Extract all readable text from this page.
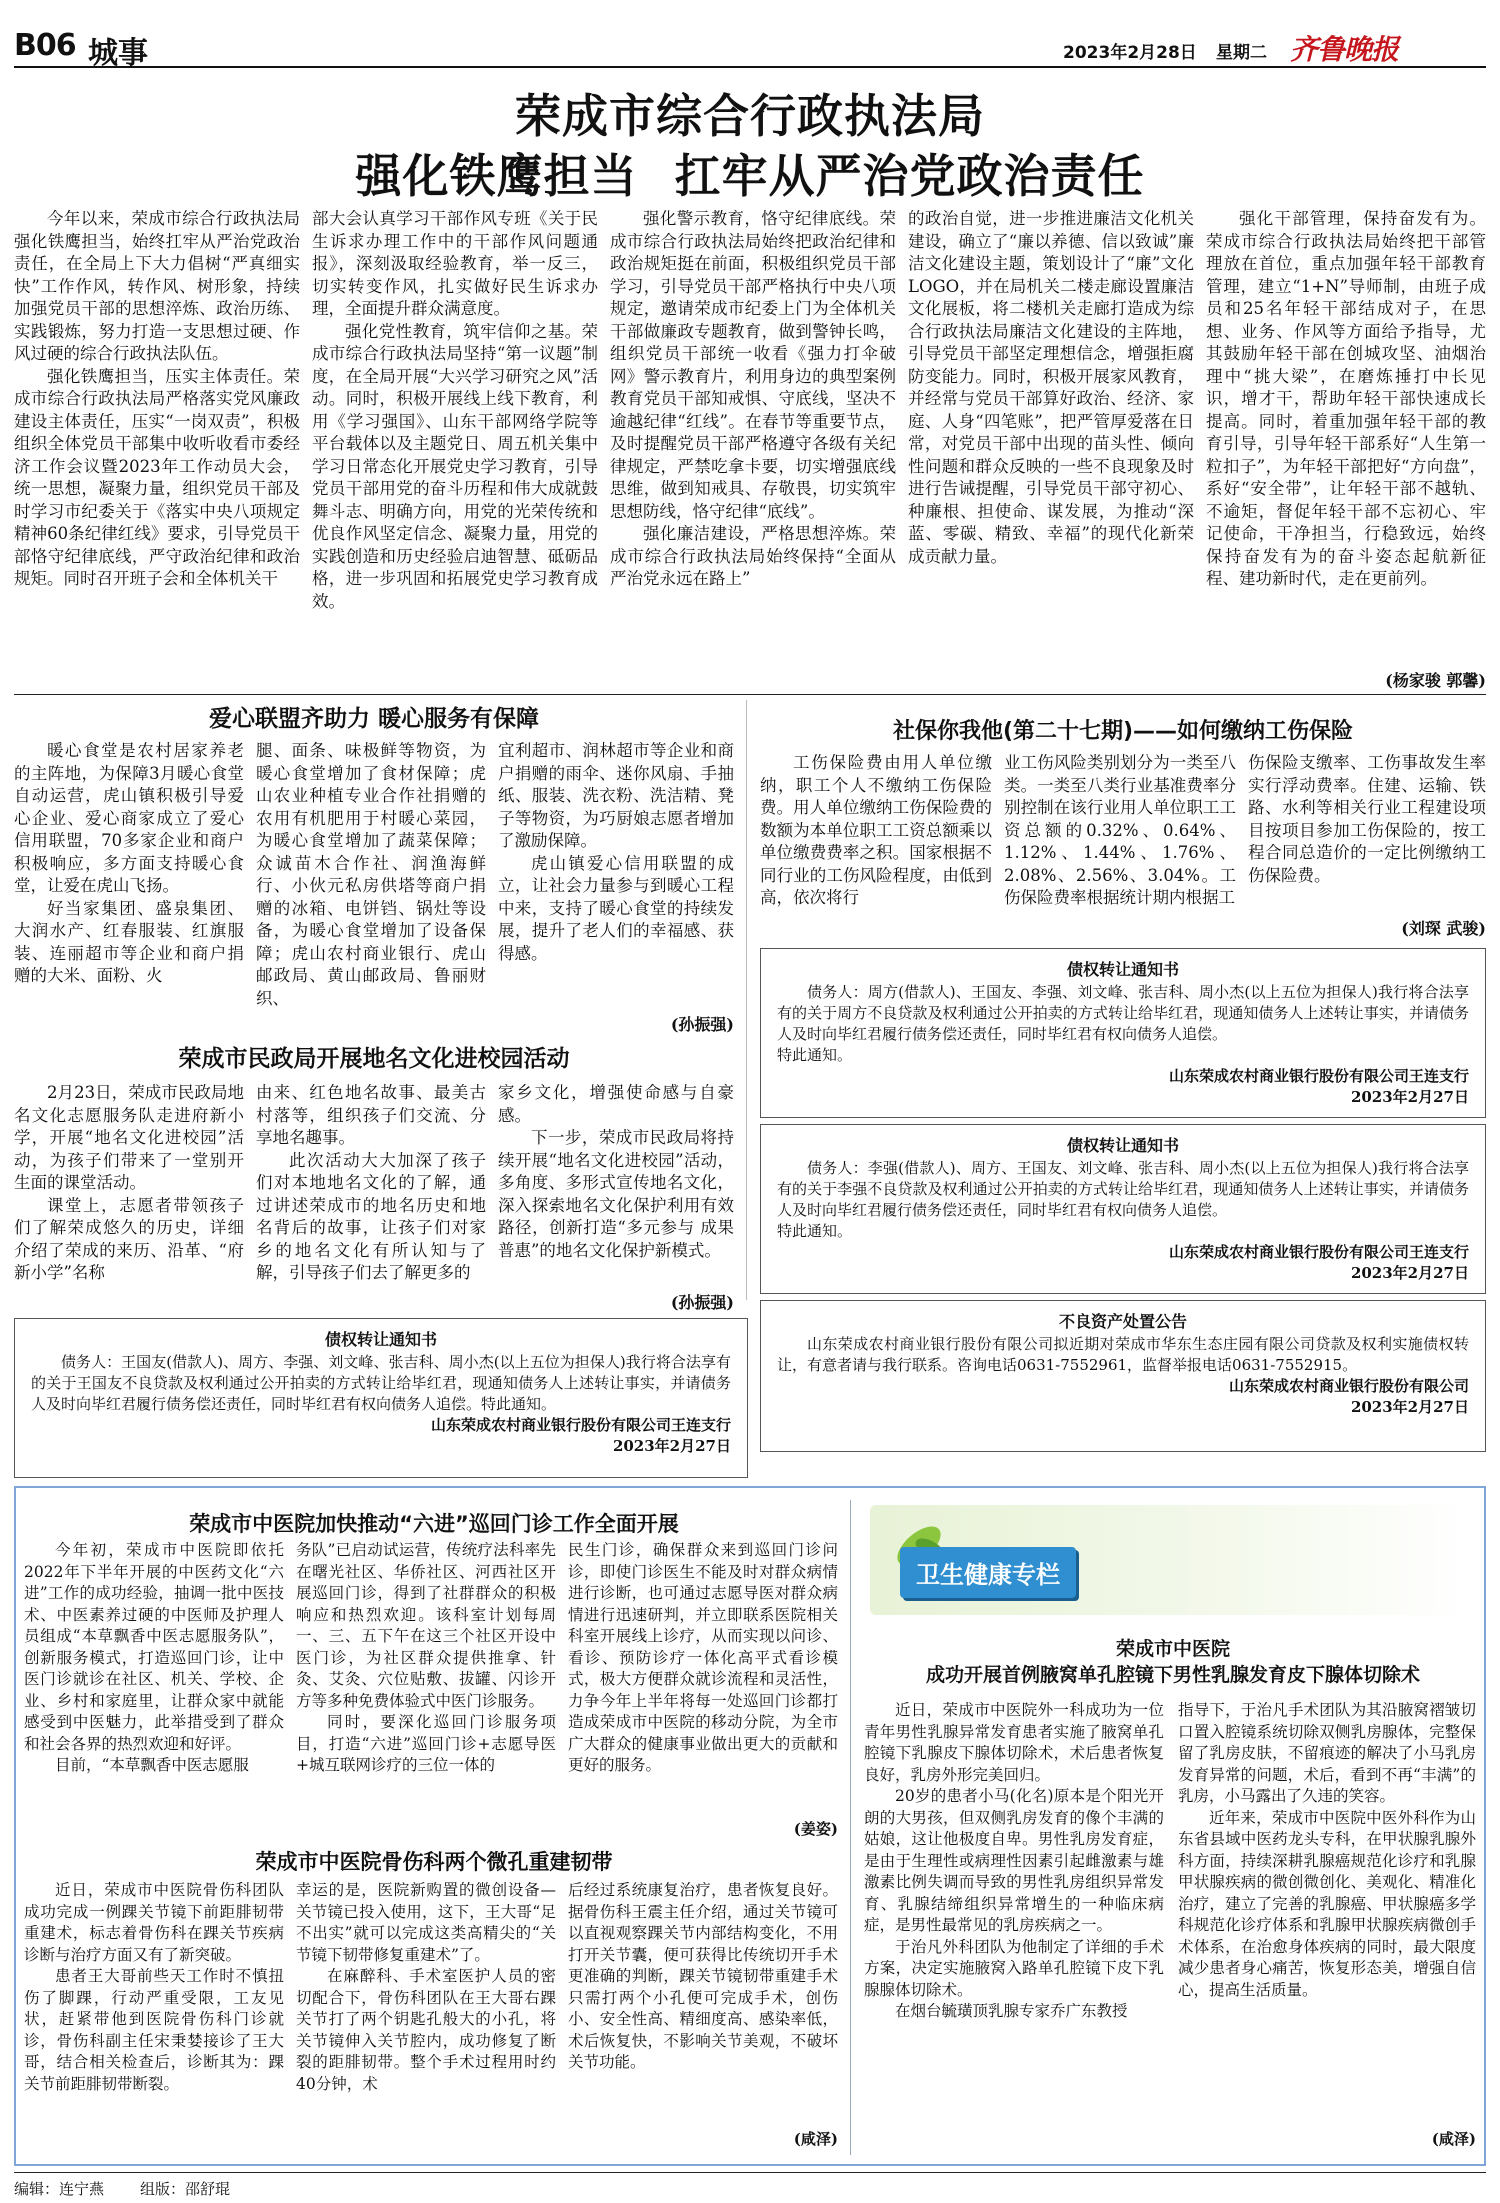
B06 城事	2023年2月28日 星期二 齐鲁晚报
荣成市综合行政执法局
强化铁鹰担当 扛牢从严治党政治责任

今年以来，荣成市综合行政执法局强化铁鹰担当，始终扛牢从严治党政治责任，在全局上下大力倡树“严真细实快”工作作风，转作风、树形象，持续加强党员干部的思想淬炼、政治历练、实践锻炼，努力打造一支思想过硬、作风过硬的综合行政执法队伍。

强化铁鹰担当，压实主体责任。荣成市综合行政执法局严格落实党风廉政建设主体责任，压实“一岗双责”，积极组织全体党员干部集中收听收看市委经济工作会议暨2023年工作动员大会，统一思想，凝聚力量，组织党员干部及时学习市纪委关于《落实中央八项规定精神60条纪律红线》要求，引导党员干部恪守纪律底线，严守政治纪律和政治规矩。同时召开班子会和全体机关干

部大会认真学习干部作风专班《关于民生诉求办理工作中的干部作风问题通报》，深刻汲取经验教育，举一反三，切实转变作风，扎实做好民生诉求办理，全面提升群众满意度。

强化党性教育，筑牢信仰之基。荣成市综合行政执法局坚持“第一议题”制度，在全局开展“大兴学习研究之风”活动。同时，积极开展线上线下教育，利用《学习强国》、山东干部网络学院等平台载体以及主题党日、周五机关集中学习日常态化开展党史学习教育，引导党员干部用党的奋斗历程和伟大成就鼓舞斗志、明确方向，用党的光荣传统和优良作风坚定信念、凝聚力量，用党的实践创造和历史经验启迪智慧、砥砺品格，进一步巩固和拓展党史学习教育成效。

强化警示教育，恪守纪律底线。荣成市综合行政执法局始终把政治纪律和政治规矩挺在前面，积极组织党员干部学习，引导党员干部严格执行中央八项规定，邀请荣成市纪委上门为全体机关干部做廉政专题教育，做到警钟长鸣，组织党员干部统一收看《强力打伞破网》警示教育片，利用身边的典型案例教育党员干部知戒惧、守底线，坚决不逾越纪律“红线”。在春节等重要节点，及时提醒党员干部严格遵守各级有关纪律规定，严禁吃拿卡要，切实增强底线思维，做到知戒具、存敬畏，切实筑牢思想防线，恪守纪律“底线”。

强化廉洁建设，严格思想淬炼。荣成市综合行政执法局始终保持“全面从严治党永远在路上”

的政治自觉，进一步推进廉洁文化机关建设，确立了“廉以养德、信以致诚”廉洁文化建设主题，策划设计了“廉”文化LOGO，并在局机关二楼走廊设置廉洁文化展板，将二楼机关走廊打造成为综合行政执法局廉洁文化建设的主阵地，引导党员干部坚定理想信念，增强拒腐防变能力。同时，积极开展家风教育，并经常与党员干部算好政治、经济、家庭、人身“四笔账”，把严管厚爱落在日常，对党员干部中出现的苗头性、倾向性问题和群众反映的一些不良现象及时进行告诫提醒，引导党员干部守初心、种廉根、担使命、谋发展，为推动“深蓝、零碳、精致、幸福”的现代化新荣成贡献力量。

强化干部管理，保持奋发有为。荣成市综合行政执法局始终把干部管理放在首位，重点加强年轻干部教育管理，建立“1+N”导师制，由班子成员和25名年轻干部结成对子，在思想、业务、作风等方面给予指导，尤其鼓励年轻干部在创城攻坚、油烟治理中“挑大梁”，在磨炼捶打中长见识，增才干，帮助年轻干部快速成长提高。同时，着重加强年轻干部的教育引导，引导年轻干部系好“人生第一粒扣子”，为年轻干部把好“方向盘”，系好“安全带”，让年轻干部不越轨、不逾矩，督促年轻干部不忘初心、牢记使命，干净担当，行稳致远，始终保持奋发有为的奋斗姿态起航新征程、建功新时代，走在更前列。

(杨家骏 郭馨)
爱心联盟齐助力 暖心服务有保障

暖心食堂是农村居家养老的主阵地，为保障3月暖心食堂自动运营，虎山镇积极引导爱心企业、爱心商家成立了爱心信用联盟，70多家企业和商户积极响应，多方面支持暖心食堂，让爱在虎山飞扬。

好当家集团、盛泉集团、大润水产、红春服装、红旗服装、连丽超市等企业和商户捐赠的大米、面粉、火

腿、面条、味极鲜等物资，为暖心食堂增加了食材保障；虎山农业种植专业合作社捐赠的农用有机肥用于村暖心菜园，为暖心食堂增加了蔬菜保障；众诚苗木合作社、润渔海鲜行、小伙元私房供塔等商户捐赠的冰箱、电饼铛、锅灶等设备，为暖心食堂增加了设备保障；虎山农村商业银行、虎山邮政局、黄山邮政局、鲁丽财织、

宜利超市、润林超市等企业和商户捐赠的雨伞、迷你风扇、手抽纸、服装、洗衣粉、洗洁精、凳子等物资，为巧厨娘志愿者增加了激励保障。

虎山镇爱心信用联盟的成立，让社会力量参与到暖心工程中来，支持了暖心食堂的持续发展，提升了老人们的幸福感、获得感。

(孙振强)
荣成市民政局开展地名文化进校园活动

2月23日，荣成市民政局地名文化志愿服务队走进府新小学，开展“地名文化进校园”活动，为孩子们带来了一堂别开生面的课堂活动。

课堂上，志愿者带领孩子们了解荣成悠久的历史，详细介绍了荣成的来历、沿革、“府新小学”名称

由来、红色地名故事、最美古村落等，组织孩子们交流、分享地名趣事。

此次活动大大加深了孩子们对本地地名文化的了解，通过讲述荣成市的地名历史和地名背后的故事，让孩子们对家乡的地名文化有所认知与了解，引导孩子们去了解更多的

家乡文化，增强使命感与自豪感。

下一步，荣成市民政局将持续开展“地名文化进校园”活动，多角度、多形式宣传地名文化，深入探索地名文化保护利用有效路径，创新打造“多元参与 成果普惠”的地名文化保护新模式。

(孙振强)
社保你我他(第二十七期)——如何缴纳工伤保险

工伤保险费由用人单位缴纳，职工个人不缴纳工伤保险费。用人单位缴纳工伤保险费的数额为本单位职工工资总额乘以单位缴费费率之积。国家根据不同行业的工伤风险程度，由低到高，依次将行

业工伤风险类别划分为一类至八类。一类至八类行业基准费率分别控制在该行业用人单位职工工资总额的0.32%、0.64%、1.12%、1.44%、1.76%、2.08%、2.56%、3.04%。工伤保险费率根据统计期内根据工

伤保险支缴率、工伤事故发生率实行浮动费率。住建、运输、铁路、水利等相关行业工程建设项目按项目参加工伤保险的，按工程合同总造价的一定比例缴纳工伤保险费。

(刘琛 武骏)
债权转让通知书
债务人：周方(借款人)、王国友、李强、刘文峰、张吉科、周小杰(以上五位为担保人)我行将合法享有的关于周方不良贷款及权利通过公开拍卖的方式转让给毕红君，现通知债务人上述转让事实，并请债务人及时向毕红君履行债务偿还责任，同时毕红君有权向债务人追偿。
特此通知。
山东荣成农村商业银行股份有限公司王连支行
2023年2月27日
债权转让通知书
债务人：李强(借款人)、周方、王国友、刘文峰、张吉科、周小杰(以上五位为担保人)我行将合法享有的关于李强不良贷款及权利通过公开拍卖的方式转让给毕红君，现通知债务人上述转让事实，并请债务人及时向毕红君履行债务偿还责任，同时毕红君有权向债务人追偿。
特此通知。
山东荣成农村商业银行股份有限公司王连支行
2023年2月27日
不良资产处置公告
山东荣成农村商业银行股份有限公司拟近期对荣成市华东生态庄园有限公司贷款及权利实施债权转让，有意者请与我行联系。咨询电话0631-7552961，监督举报电话0631-7552915。
山东荣成农村商业银行股份有限公司
2023年2月27日
债权转让通知书
债务人：王国友(借款人)、周方、李强、刘文峰、张吉科、周小杰(以上五位为担保人)我行将合法享有的关于王国友不良贷款及权利通过公开拍卖的方式转让给毕红君，现通知债务人上述转让事实，并请债务人及时向毕红君履行债务偿还责任，同时毕红君有权向债务人追偿。特此通知。
山东荣成农村商业银行股份有限公司王连支行
2023年2月27日
荣成市中医院加快推动“六进”巡回门诊工作全面开展

今年初，荣成市中医院即依托2022年下半年开展的中医药文化“六进”工作的成功经验，抽调一批中医技术、中医素养过硬的中医师及护理人员组成“本草飘香中医志愿服务队”，创新服务模式，打造巡回门诊，让中医门诊就诊在社区、机关、学校、企业、乡村和家庭里，让群众家中就能感受到中医魅力，此举措受到了群众和社会各界的热烈欢迎和好评。

目前，“本草飘香中医志愿服

务队”已启动试运营，传统疗法科率先在曙光社区、华侨社区、河西社区开展巡回门诊，得到了社群群众的积极响应和热烈欢迎。该科室计划每周一、三、五下午在这三个社区开设中医门诊，为社区群众提供推拿、针灸、艾灸、穴位贴敷、拔罐、闪诊开方等多种免费体验式中医门诊服务。

同时，要深化巡回门诊服务项目，打造“六进”巡回门诊+志愿导医+城互联网诊疗的三位一体的

民生门诊，确保群众来到巡回门诊问诊，即使门诊医生不能及时对群众病情进行诊断，也可通过志愿导医对群众病情进行迅速研判，并立即联系医院相关科室开展线上诊疗，从而实现以问诊、看诊、预防诊疗一体化高平式看诊模式，极大方便群众就诊流程和灵活性，力争今年上半年将每一处巡回门诊都打造成荣成市中医院的移动分院，为全市广大群众的健康事业做出更大的贡献和更好的服务。

(姜姿)
荣成市中医院骨伤科两个微孔重建韧带

近日，荣成市中医院骨伤科团队成功完成一例踝关节镜下前距腓韧带重建术，标志着骨伤科在踝关节疾病诊断与治疗方面又有了新突破。

患者王大哥前些天工作时不慎扭伤了脚踝，行动严重受限，工友见状，赶紧带他到医院骨伤科门诊就诊，骨伤科副主任宋秉婪接诊了王大哥，结合相关检查后，诊断其为：踝关节前距腓韧带断裂。

幸运的是，医院新购置的微创设备—关节镜已投入使用，这下，王大哥“足不出实”就可以完成这类高精尖的“关节镜下韧带修复重建术”了。

在麻醉科、手术室医护人员的密切配合下，骨伤科团队在王大哥右踝关节打了两个钥匙孔般大的小孔，将关节镜伸入关节腔内，成功修复了断裂的距腓韧带。整个手术过程用时约40分钟，术

后经过系统康复治疗，患者恢复良好。据骨伤科王震主任介绍，通过关节镜可以直视观察踝关节内部结构变化，不用打开关节囊，便可获得比传统切开手术更准确的判断，踝关节镜韧带重建手术只需打两个小孔便可完成手术，创伤小、安全性高、精细度高、感染率低，术后恢复快，不影响关节美观，不破坏关节功能。

(咸泽)
卫生健康专栏
荣成市中医院
成功开展首例腋窝单孔腔镜下男性乳腺发育皮下腺体切除术

近日，荣成市中医院外一科成功为一位青年男性乳腺异常发育患者实施了腋窝单孔腔镜下乳腺皮下腺体切除术，术后患者恢复良好，乳房外形完美回归。

20岁的患者小马(化名)原本是个阳光开朗的大男孩，但双侧乳房发育的像个丰满的姑娘，这让他极度自卑。男性乳房发育症，是由于生理性或病理性因素引起雌激素与雄激素比例失调而导致的男性乳房组织异常发育、乳腺结缔组织异常增生的一种临床病症，是男性最常见的乳房疾病之一。

于治凡外科团队为他制定了详细的手术方案，决定实施腋窝入路单孔腔镜下皮下乳腺腺体切除术。

在烟台毓璜顶乳腺专家乔广东教授

指导下，于治凡手术团队为其沿腋窝褶皱切口置入腔镜系统切除双侧乳房腺体，完整保留了乳房皮肤，不留痕迹的解决了小马乳房发育异常的问题，术后，看到不再“丰满”的乳房，小马露出了久违的笑容。

近年来，荣成市中医院中医外科作为山东省县域中医药龙头专科，在甲状腺乳腺外科方面，持续深耕乳腺癌规范化诊疗和乳腺甲状腺疾病的微创微创化、美观化、精准化治疗，建立了完善的乳腺癌、甲状腺癌多学科规范化诊疗体系和乳腺甲状腺疾病微创手术体系，在治愈身体疾病的同时，最大限度减少患者身心痛苦，恢复形态美，增强自信心，提高生活质量。

(咸泽)
编辑：连宁燕 组版：邵舒琨
